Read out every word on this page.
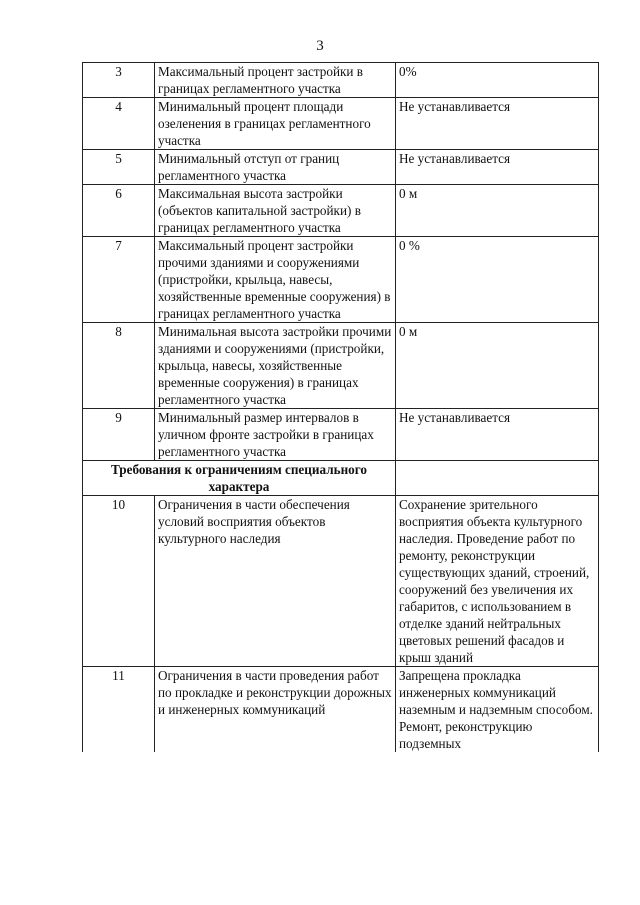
3
3	Максимальный процент застройки в границах регламентного участка	0%
4	Минимальный процент площади озеленения в границах регламентного участка	Не устанавливается
5	Минимальный отступ от границ регламентного участка	Не устанавливается
6	Максимальная высота застройки (объектов капитальной застройки) в границах регламентного участка	0 м
7	Максимальный процент застройки прочими зданиями и сооружениями (пристройки, крыльца, навесы, хозяйственные временные сооружения) в границах регламентного участка	0 %
8	Минимальная высота застройки прочими зданиями и сооружениями (пристройки, крыльца, навесы, хозяйственные временные сооружения) в границах регламентного участка	0 м
9	Минимальный размер интервалов в уличном фронте застройки в границах регламентного участка	Не устанавливается
Требования к ограничениям специального характера		
10	Ограничения в части обеспечения условий восприятия объектов культурного наследия	Сохранение зрительного восприятия объекта культурного наследия. Проведение работ по ремонту, реконструкции существующих зданий, строений, сооружений без увеличения их габаритов, с использованием в отделке зданий нейтральных цветовых решений фасадов и крыш зданий
11	Ограничения в части проведения работ по прокладке и реконструкции дорожных и инженерных коммуникаций	Запрещена прокладка инженерных коммуникаций наземным и надземным способом. Ремонт, реконструкцию подземных
